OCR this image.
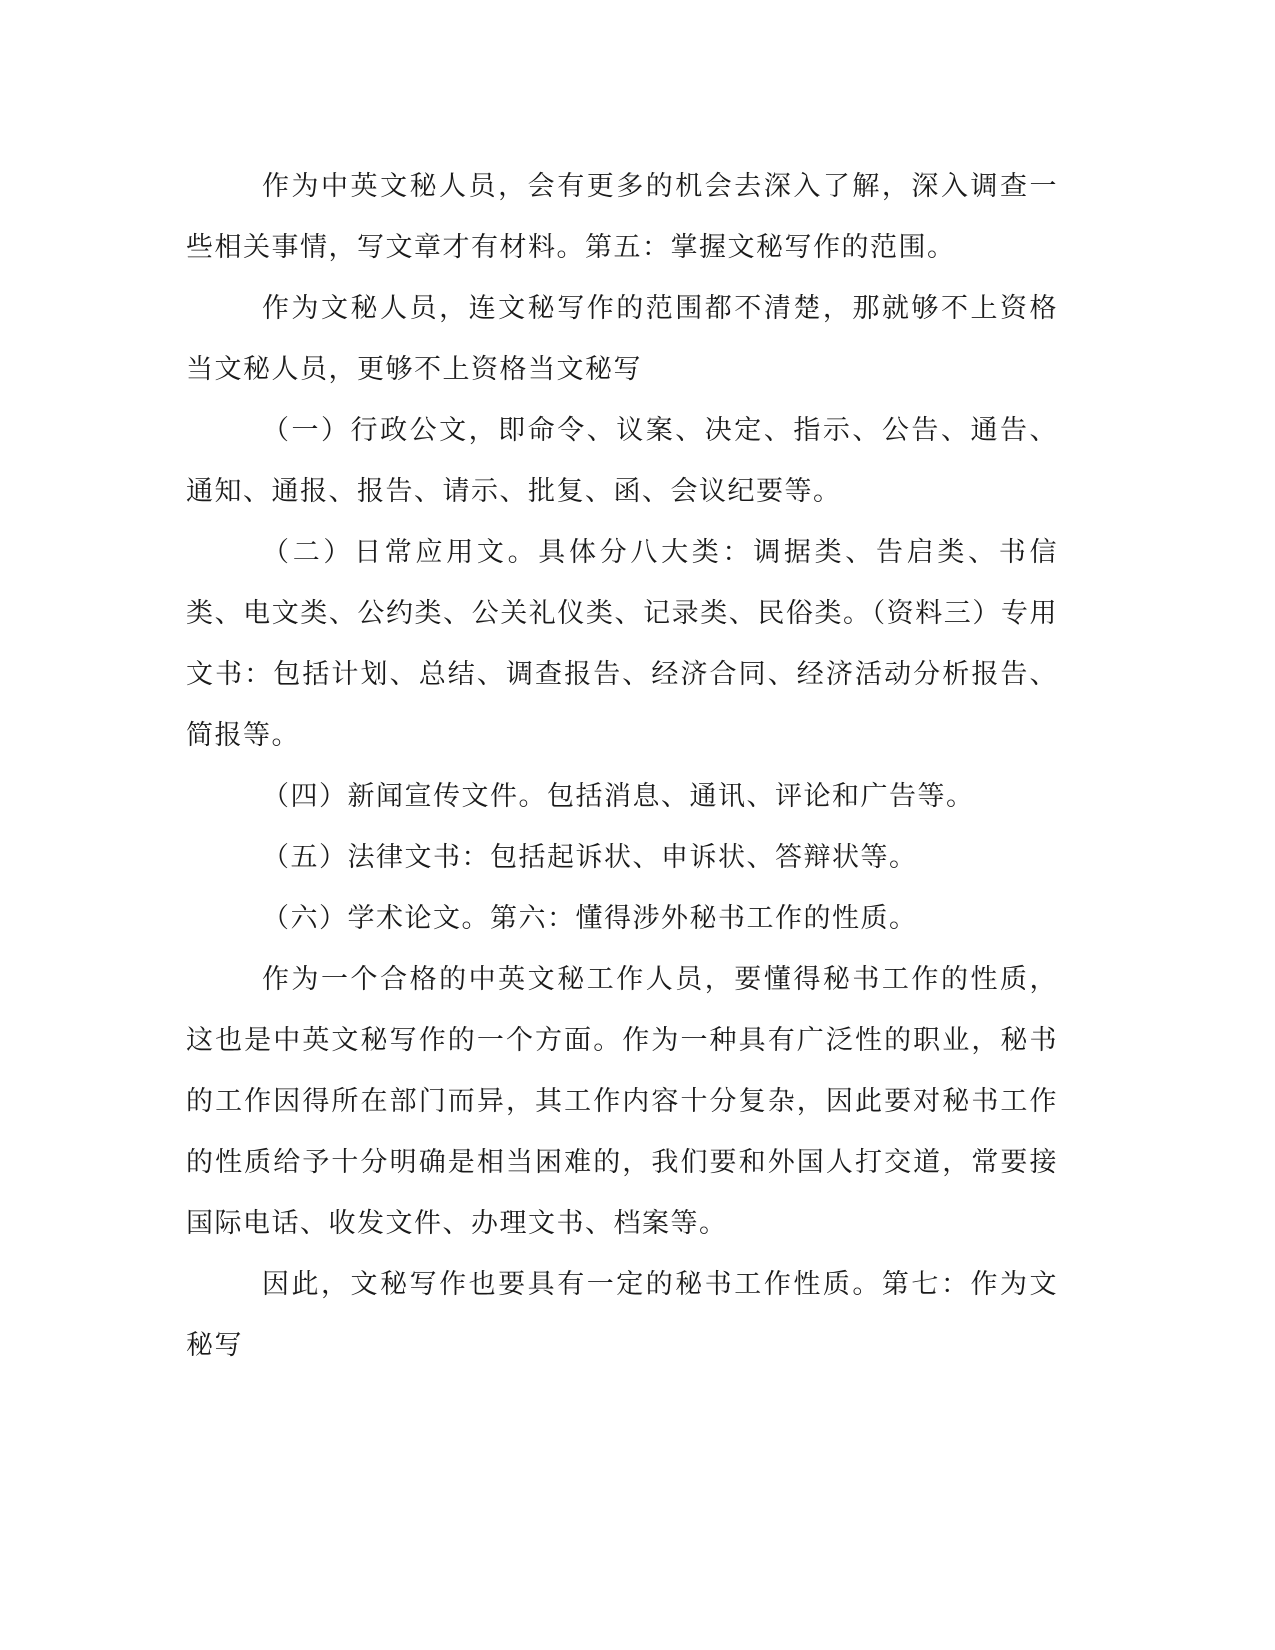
作为中英文秘人员，会有更多的机会去深入了解，深入调查一些相关事情，写文章才有材料。第五：掌握文秘写作的范围。

作为文秘人员，连文秘写作的范围都不清楚，那就够不上资格当文秘人员，更够不上资格当文秘写

（一）行政公文，即命令、议案、决定、指示、公告、通告、通知、通报、报告、请示、批复、函、会议纪要等。

（二）日常应用文。具体分八大类：调据类、告启类、书信类、电文类、公约类、公关礼仪类、记录类、民俗类。（资料三）专用文书：包括计划、总结、调查报告、经济合同、经济活动分析报告、简报等。

（四）新闻宣传文件。包括消息、通讯、评论和广告等。

（五）法律文书：包括起诉状、申诉状、答辩状等。

（六）学术论文。第六：懂得涉外秘书工作的性质。

作为一个合格的中英文秘工作人员，要懂得秘书工作的性质，这也是中英文秘写作的一个方面。作为一种具有广泛性的职业，秘书的工作因得所在部门而异，其工作内容十分复杂，因此要对秘书工作的性质给予十分明确是相当困难的，我们要和外国人打交道，常要接国际电话、收发文件、办理文书、档案等。

因此，文秘写作也要具有一定的秘书工作性质。第七：作为文秘写
